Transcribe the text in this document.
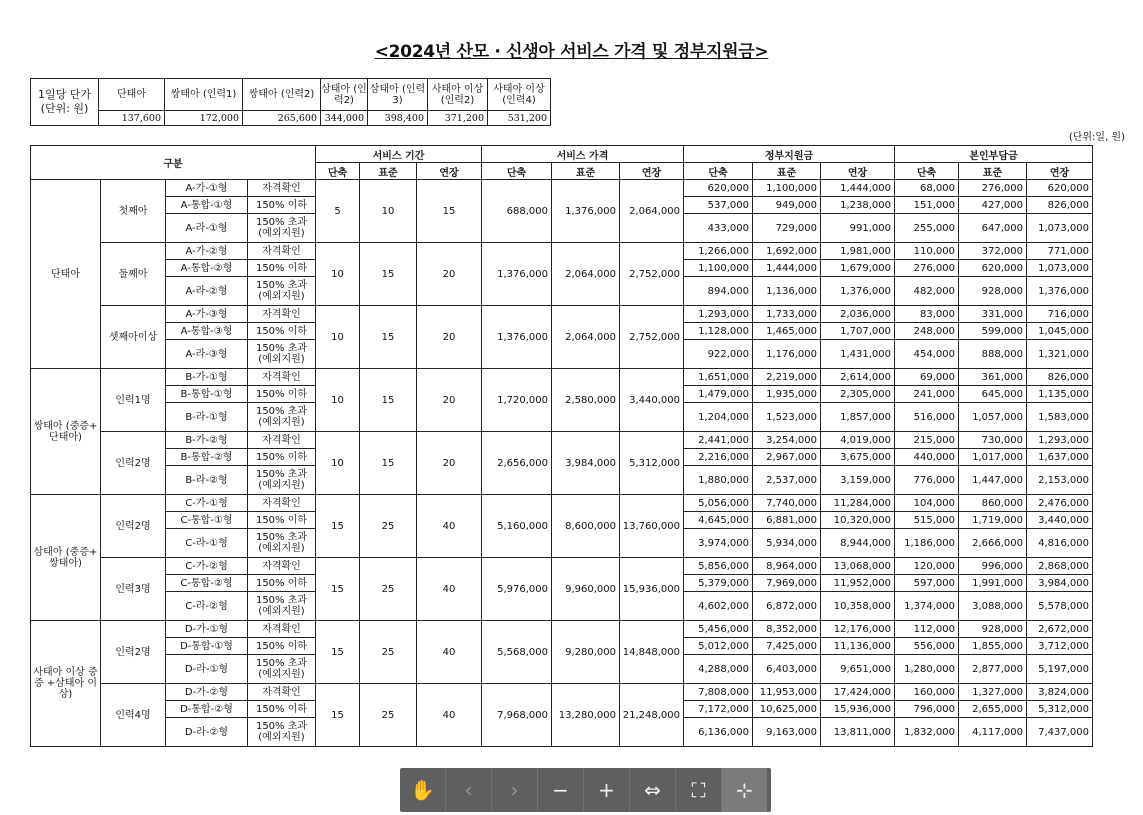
<2024년 산모 · 신생아 서비스 가격 및 정부지원금>
1일당 단가 (단위: 원)	단태아	쌍태아 (인력1)	쌍태아 (인력2)	삼태아 (인력2)	삼태아 (인력3)	사태아 이상 (인력2)	사태아 이상 (인력4)
	137,600	172,000	265,600	344,000	398,400	371,200	531,200
(단위:일, 원)
구분				서비스 기간			서비스 가격			정부지원금			본인부담금		
				단축	표준	연장	단축	표준	연장	단축	표준	연장	단축	표준	연장
단태아	첫째아	A-가-①형	자격확인	5	10	15	688,000	1,376,000	2,064,000	620,000	1,100,000	1,444,000	68,000	276,000	620,000
		A-통합-①형	150% 이하							537,000	949,000	1,238,000	151,000	427,000	826,000
		A-라-①형	150% 초과 (예외지원)							433,000	729,000	991,000	255,000	647,000	1,073,000
	둘째아	A-가-②형	자격확인	10	15	20	1,376,000	2,064,000	2,752,000	1,266,000	1,692,000	1,981,000	110,000	372,000	771,000
		A-통합-②형	150% 이하							1,100,000	1,444,000	1,679,000	276,000	620,000	1,073,000
		A-라-②형	150% 초과 (예외지원)							894,000	1,136,000	1,376,000	482,000	928,000	1,376,000
	셋째아이상	A-가-③형	자격확인	10	15	20	1,376,000	2,064,000	2,752,000	1,293,000	1,733,000	2,036,000	83,000	331,000	716,000
		A-통합-③형	150% 이하							1,128,000	1,465,000	1,707,000	248,000	599,000	1,045,000
		A-라-③형	150% 초과 (예외지원)							922,000	1,176,000	1,431,000	454,000	888,000	1,321,000
쌍태아 (중증+ 단태아)	인력1명	B-가-①형	자격확인	10	15	20	1,720,000	2,580,000	3,440,000	1,651,000	2,219,000	2,614,000	69,000	361,000	826,000
		B-통합-①형	150% 이하							1,479,000	1,935,000	2,305,000	241,000	645,000	1,135,000
		B-라-①형	150% 초과 (예외지원)							1,204,000	1,523,000	1,857,000	516,000	1,057,000	1,583,000
	인력2명	B-가-②형	자격확인	10	15	20	2,656,000	3,984,000	5,312,000	2,441,000	3,254,000	4,019,000	215,000	730,000	1,293,000
		B-통합-②형	150% 이하							2,216,000	2,967,000	3,675,000	440,000	1,017,000	1,637,000
		B-라-②형	150% 초과 (예외지원)							1,880,000	2,537,000	3,159,000	776,000	1,447,000	2,153,000
삼태아 (중증+ 쌍태아)	인력2명	C-가-①형	자격확인	15	25	40	5,160,000	8,600,000	13,760,000	5,056,000	7,740,000	11,284,000	104,000	860,000	2,476,000
		C-통합-①형	150% 이하							4,645,000	6,881,000	10,320,000	515,000	1,719,000	3,440,000
		C-라-①형	150% 초과 (예외지원)							3,974,000	5,934,000	8,944,000	1,186,000	2,666,000	4,816,000
	인력3명	C-가-②형	자격확인	15	25	40	5,976,000	9,960,000	15,936,000	5,856,000	8,964,000	13,068,000	120,000	996,000	2,868,000
		C-통합-②형	150% 이하							5,379,000	7,969,000	11,952,000	597,000	1,991,000	3,984,000
		C-라-②형	150% 초과 (예외지원)							4,602,000	6,872,000	10,358,000	1,374,000	3,088,000	5,578,000
사태아 이상 중증 +삼태아 이상)	인력2명	D-가-①형	자격확인	15	25	40	5,568,000	9,280,000	14,848,000	5,456,000	8,352,000	12,176,000	112,000	928,000	2,672,000
		D-통합-①형	150% 이하							5,012,000	7,425,000	11,136,000	556,000	1,855,000	3,712,000
		D-라-①형	150% 초과 (예외지원)							4,288,000	6,403,000	9,651,000	1,280,000	2,877,000	5,197,000
	인력4명	D-가-②형	자격확인	15	25	40	7,968,000	13,280,000	21,248,000	7,808,000	11,953,000	17,424,000	160,000	1,327,000	3,824,000
		D-통합-②형	150% 이하							7,172,000	10,625,000	15,936,000	796,000	2,655,000	5,312,000
		D-라-②형	150% 초과 (예외지원)							6,136,000	9,163,000	13,811,000	1,832,000	4,117,000	7,437,000
✋ ‹ › − + ⇔ ⛶ ⊹
